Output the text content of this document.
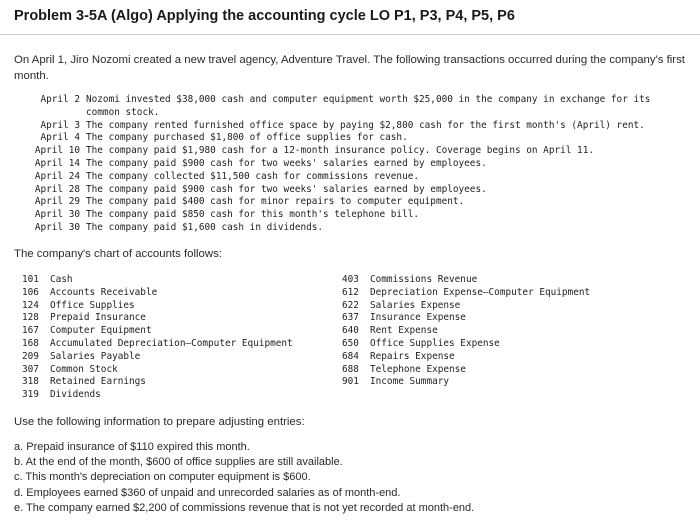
Problem 3-5A (Algo) Applying the accounting cycle LO P1, P3, P4, P5, P6
On April 1, Jiro Nozomi created a new travel agency, Adventure Travel. The following transactions occurred during the company's first month.
April 2 Nozomi invested $38,000 cash and computer equipment worth $25,000 in the company in exchange for its common stock.
April 3 The company rented furnished office space by paying $2,800 cash for the first month's (April) rent.
April 4 The company purchased $1,800 of office supplies for cash.
April 10 The company paid $1,980 cash for a 12-month insurance policy. Coverage begins on April 11.
April 14 The company paid $900 cash for two weeks' salaries earned by employees.
April 24 The company collected $11,500 cash for commissions revenue.
April 28 The company paid $900 cash for two weeks' salaries earned by employees.
April 29 The company paid $400 cash for minor repairs to computer equipment.
April 30 The company paid $850 cash for this month's telephone bill.
April 30 The company paid $1,600 cash in dividends.
The company's chart of accounts follows:
101 Cash
106 Accounts Receivable
124 Office Supplies
128 Prepaid Insurance
167 Computer Equipment
168 Accumulated Depreciation—Computer Equipment
209 Salaries Payable
307 Common Stock
318 Retained Earnings
319 Dividends
403 Commissions Revenue
612 Depreciation Expense—Computer Equipment
622 Salaries Expense
637 Insurance Expense
640 Rent Expense
650 Office Supplies Expense
684 Repairs Expense
688 Telephone Expense
901 Income Summary
Use the following information to prepare adjusting entries:
a. Prepaid insurance of $110 expired this month.
b. At the end of the month, $600 of office supplies are still available.
c. This month's depreciation on computer equipment is $600.
d. Employees earned $360 of unpaid and unrecorded salaries as of month-end.
e. The company earned $2,200 of commissions revenue that is not yet recorded at month-end.
